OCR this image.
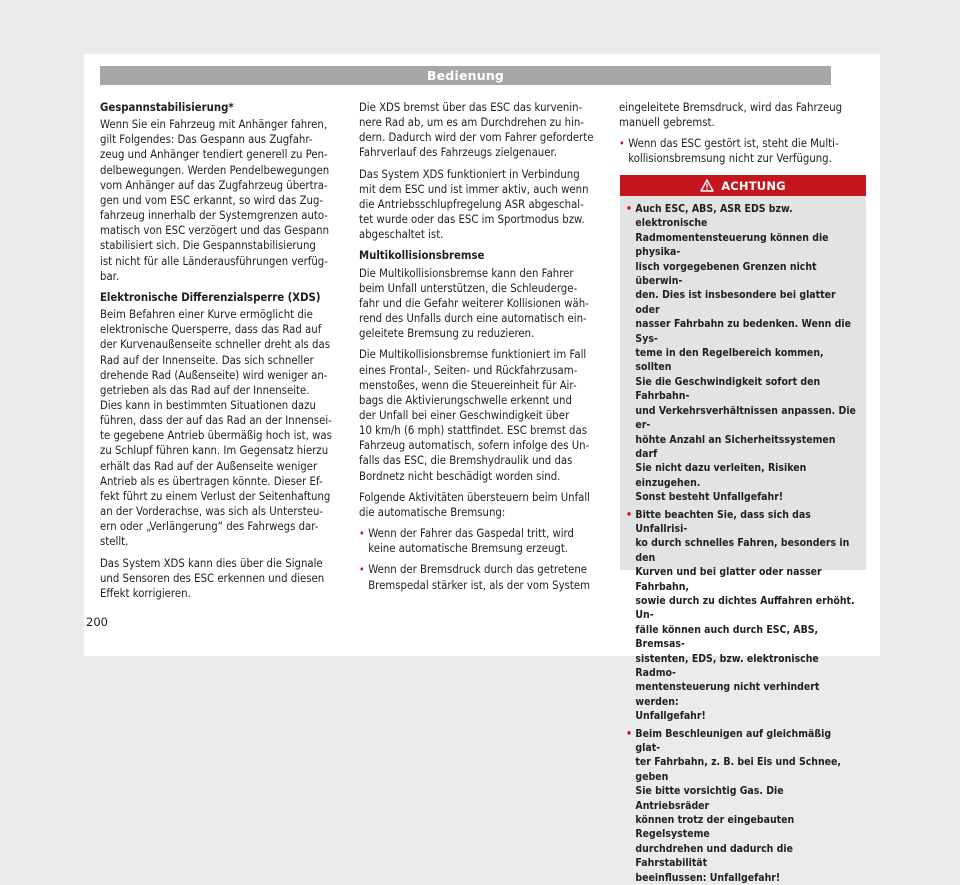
Bedienung
Gespannstabilisierung*

Wenn Sie ein Fahrzeug mit Anhänger fahren,
gilt Folgendes: Das Gespann aus Zugfahr-
zeug und Anhänger tendiert generell zu Pen-
delbewegungen. Werden Pendelbewegungen
vom Anhänger auf das Zugfahrzeug übertra-
gen und vom ESC erkannt, so wird das Zug-
fahrzeug innerhalb der Systemgrenzen auto-
matisch von ESC verzögert und das Gespann
stabilisiert sich. Die Gespannstabilisierung
ist nicht für alle Länderausführungen verfüg-
bar.

Elektronische Differenzialsperre (XDS)

Beim Befahren einer Kurve ermöglicht die
elektronische Quersperre, dass das Rad auf
der Kurvenaußenseite schneller dreht als das
Rad auf der Innenseite. Das sich schneller
drehende Rad (Außenseite) wird weniger an-
getrieben als das Rad auf der Innenseite.
Dies kann in bestimmten Situationen dazu
führen, dass der auf das Rad an der Innensei-
te gegebene Antrieb übermäßig hoch ist, was
zu Schlupf führen kann. Im Gegensatz hierzu
erhält das Rad auf der Außenseite weniger
Antrieb als es übertragen könnte. Dieser Ef-
fekt führt zu einem Verlust der Seitenhaftung
an der Vorderachse, was sich als Untersteu-
ern oder „Verlängerung“ des Fahrwegs dar-
stellt.

Das System XDS kann dies über die Signale
und Sensoren des ESC erkennen und diesen
Effekt korrigieren.

Die XDS bremst über das ESC das kurvenin-
nere Rad ab, um es am Durchdrehen zu hin-
dern. Dadurch wird der vom Fahrer geforderte
Fahrverlauf des Fahrzeugs zielgenauer.

Das System XDS funktioniert in Verbindung
mit dem ESC und ist immer aktiv, auch wenn
die Antriebsschlupfregelung ASR abgeschal-
tet wurde oder das ESC im Sportmodus bzw.
abgeschaltet ist.

Multikollisionsbremse

Die Multikollisionsbremse kann den Fahrer
beim Unfall unterstützen, die Schleuderge-
fahr und die Gefahr weiterer Kollisionen wäh-
rend des Unfalls durch eine automatisch ein-
geleitete Bremsung zu reduzieren.

Die Multikollisionsbremse funktioniert im Fall
eines Frontal-, Seiten- und Rückfahrzusam-
menstoßes, wenn die Steuereinheit für Air-
bags die Aktivierungschwelle erkennt und
der Unfall bei einer Geschwindigkeit über
10 km/h (6 mph) stattfindet. ESC bremst das
Fahrzeug automatisch, sofern infolge des Un-
falls das ESC, die Bremshydraulik und das
Bordnetz nicht beschädigt worden sind.

Folgende Aktivitäten übersteuern beim Unfall
die automatische Bremsung:

• Wenn der Fahrer das Gaspedal tritt, wird
keine automatische Bremsung erzeugt.
• Wenn der Bremsdruck durch das getretene
Bremspedal stärker ist, als der vom System

eingeleitete Bremsdruck, wird das Fahrzeug
manuell gebremst.

• Wenn das ESC gestört ist, steht die Multi-
kollisionsbremsung nicht zur Verfügung.
ACHTUNG
• Auch ESC, ABS, ASR EDS bzw. elektronische
Radmomentensteuerung können die physika-
lisch vorgegebenen Grenzen nicht überwin-
den. Dies ist insbesondere bei glatter oder
nasser Fahrbahn zu bedenken. Wenn die Sys-
teme in den Regelbereich kommen, sollten
Sie die Geschwindigkeit sofort den Fahrbahn-
und Verkehrsverhältnissen anpassen. Die er-
höhte Anzahl an Sicherheitssystemen darf
Sie nicht dazu verleiten, Risiken einzugehen.
Sonst besteht Unfallgefahr!
• Bitte beachten Sie, dass sich das Unfallrisi-
ko durch schnelles Fahren, besonders in den
Kurven und bei glatter oder nasser Fahrbahn,
sowie durch zu dichtes Auffahren erhöht. Un-
fälle können auch durch ESC, ABS, Bremsas-
sistenten, EDS, bzw. elektronische Radmo-
mentensteuerung nicht verhindert werden:
Unfallgefahr!
• Beim Beschleunigen auf gleichmäßig glat-
ter Fahrbahn, z. B. bei Eis und Schnee, geben
Sie bitte vorsichtig Gas. Die Antriebsräder
können trotz der eingebauten Regelsysteme
durchdrehen und dadurch die Fahrstabilität
beeinflussen: Unfallgefahr!
200
